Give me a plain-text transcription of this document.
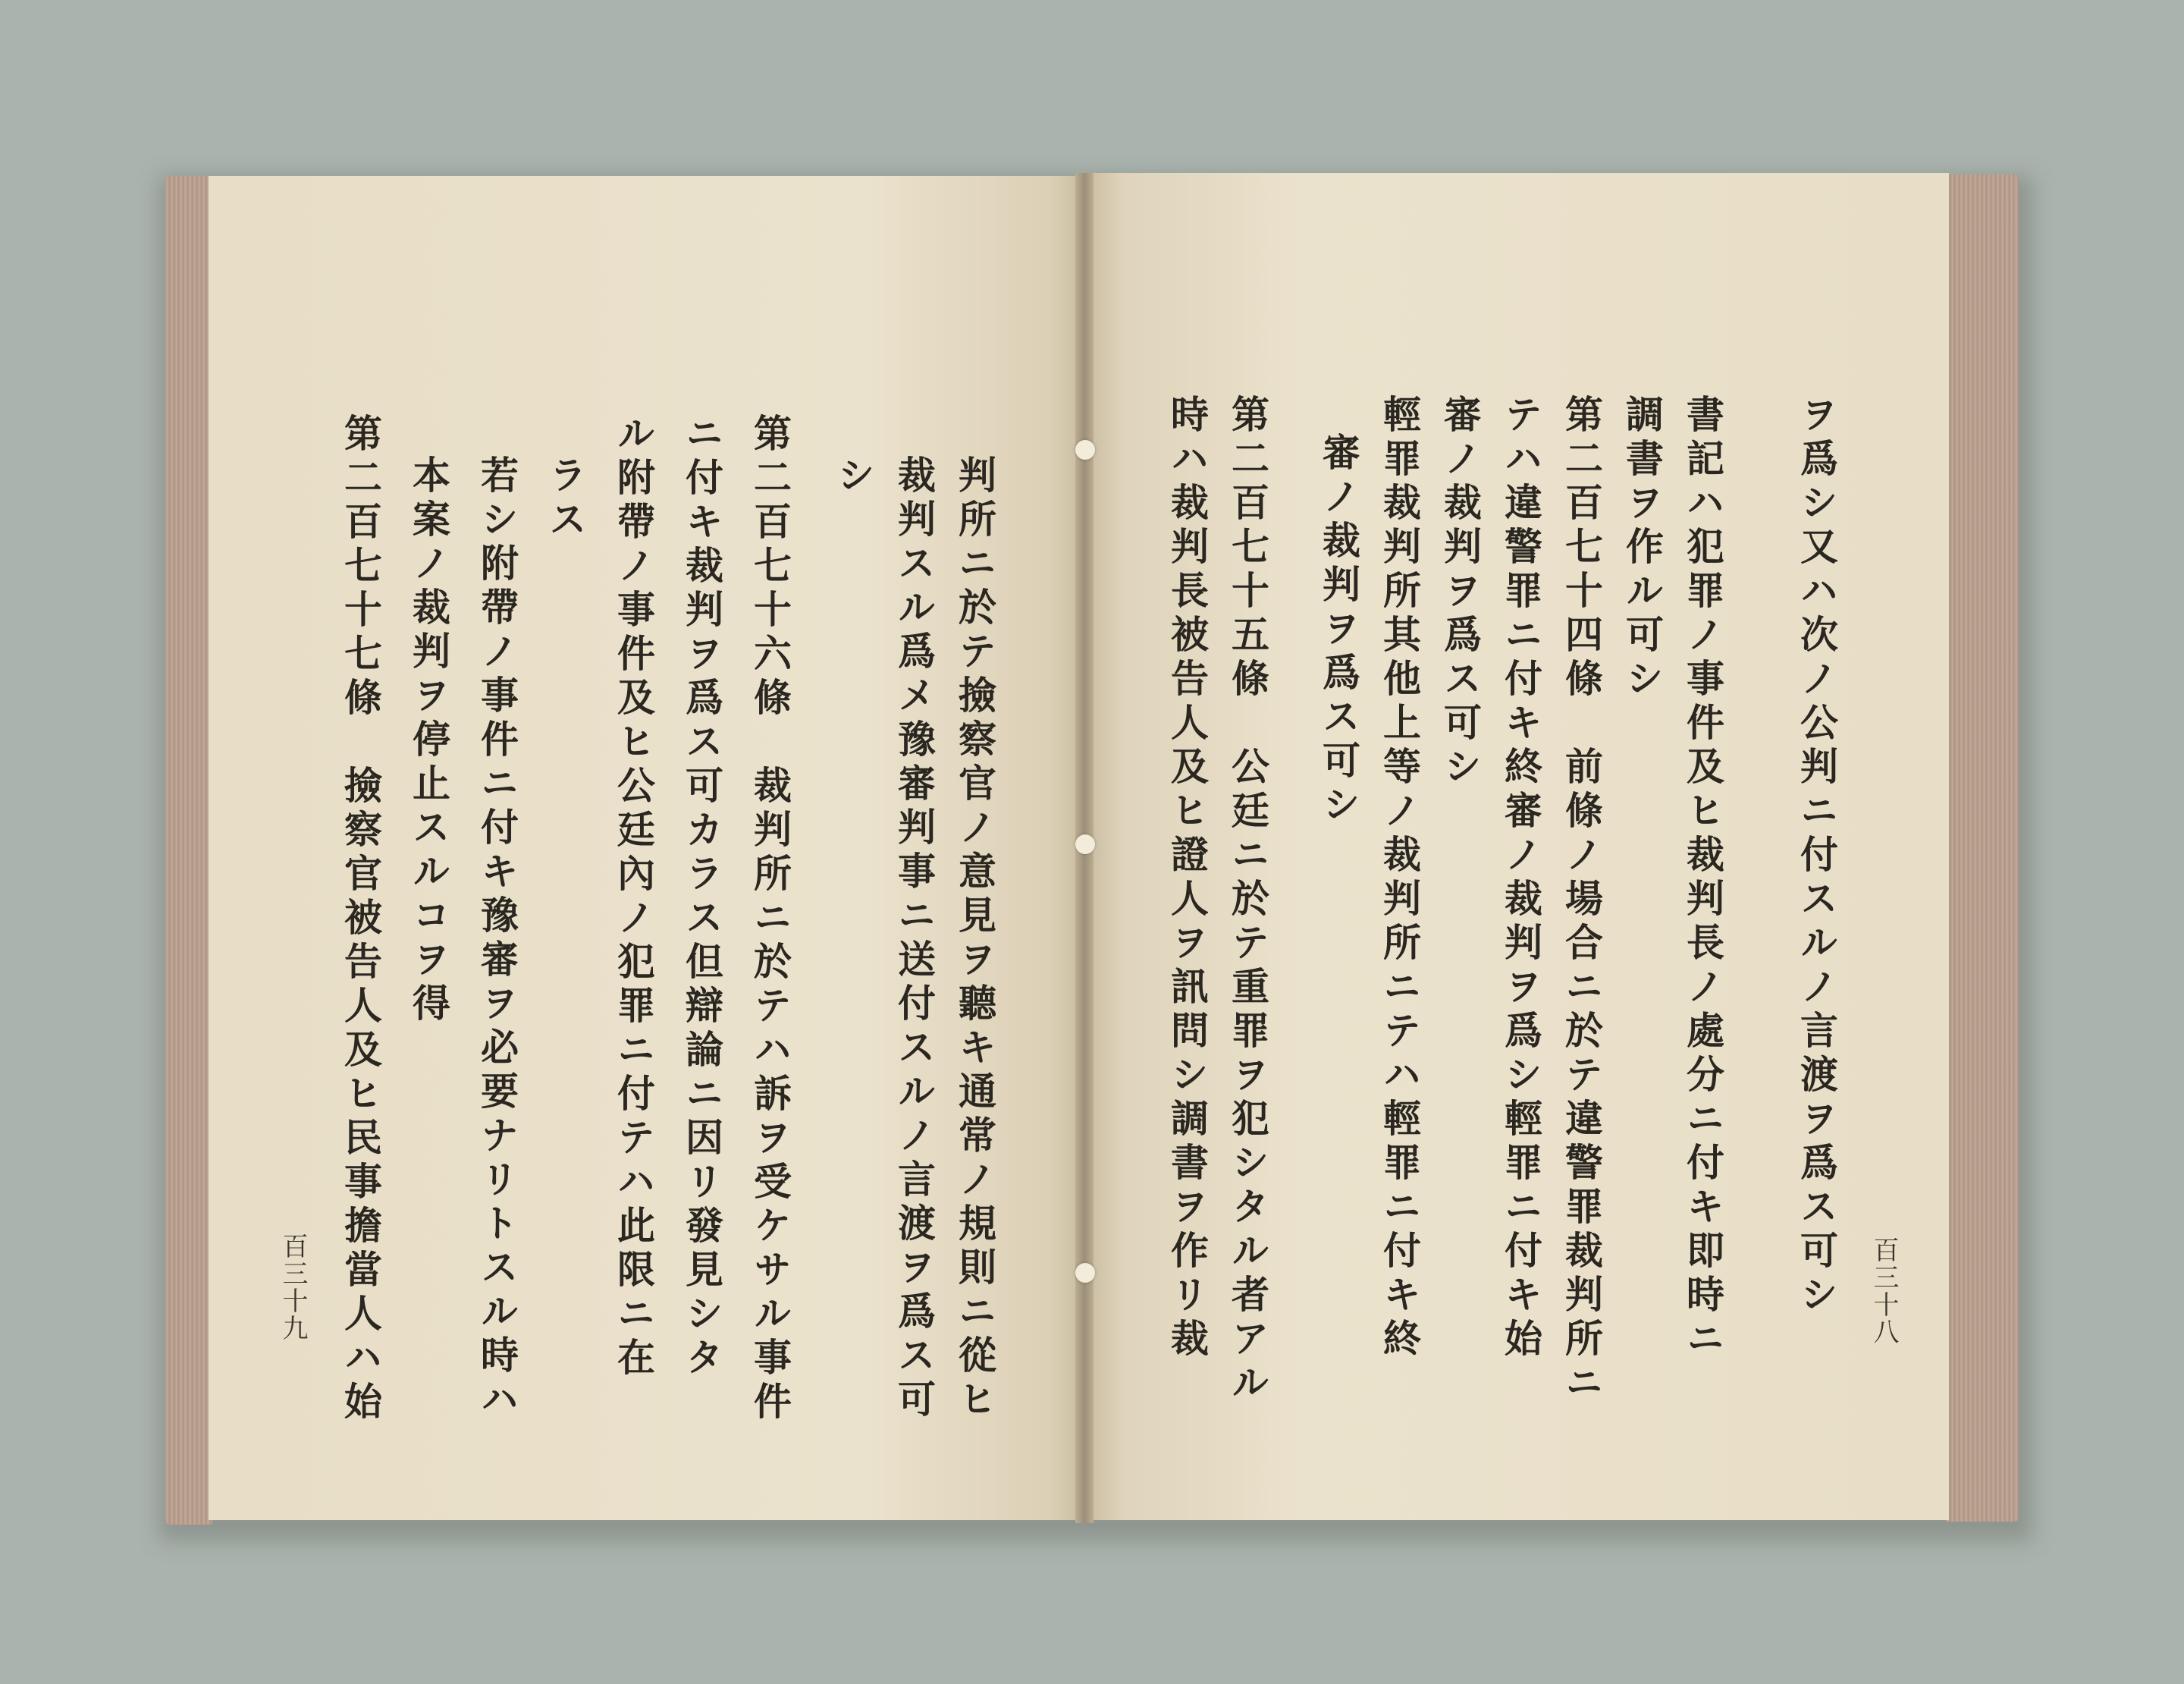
ヲ爲シ又ハ次ノ公判ニ付スルノ言渡ヲ爲ス可シ
書記ハ犯罪ノ事件及ヒ裁判長ノ處分ニ付キ即時ニ
調書ヲ作ル可シ
第二百七十四條　前條ノ場合ニ於テ違警罪裁判所ニ
テハ違警罪ニ付キ終審ノ裁判ヲ爲シ輕罪ニ付キ始
審ノ裁判ヲ爲ス可シ
輕罪裁判所其他上等ノ裁判所ニテハ輕罪ニ付キ終
審ノ裁判ヲ爲ス可シ
第二百七十五條　公廷ニ於テ重罪ヲ犯シタル者アル
時ハ裁判長被告人及ヒ證人ヲ訊問シ調書ヲ作リ裁	百三十八
判所ニ於テ撿察官ノ意見ヲ聽キ通常ノ規則ニ從ヒ
裁判スル爲メ豫審判事ニ送付スルノ言渡ヲ爲ス可
シ
第二百七十六條　裁判所ニ於テハ訴ヲ受ケサル事件
ニ付キ裁判ヲ爲ス可カラス但辯論ニ因リ發見シタ
ル附帶ノ事件及ヒ公廷內ノ犯罪ニ付テハ此限ニ在
ラス
若シ附帶ノ事件ニ付キ豫審ヲ必要ナリトスル時ハ
本案ノ裁判ヲ停止スルコヲ得
第二百七十七條　撿察官被告人及ヒ民事擔當人ハ始
百三十九
